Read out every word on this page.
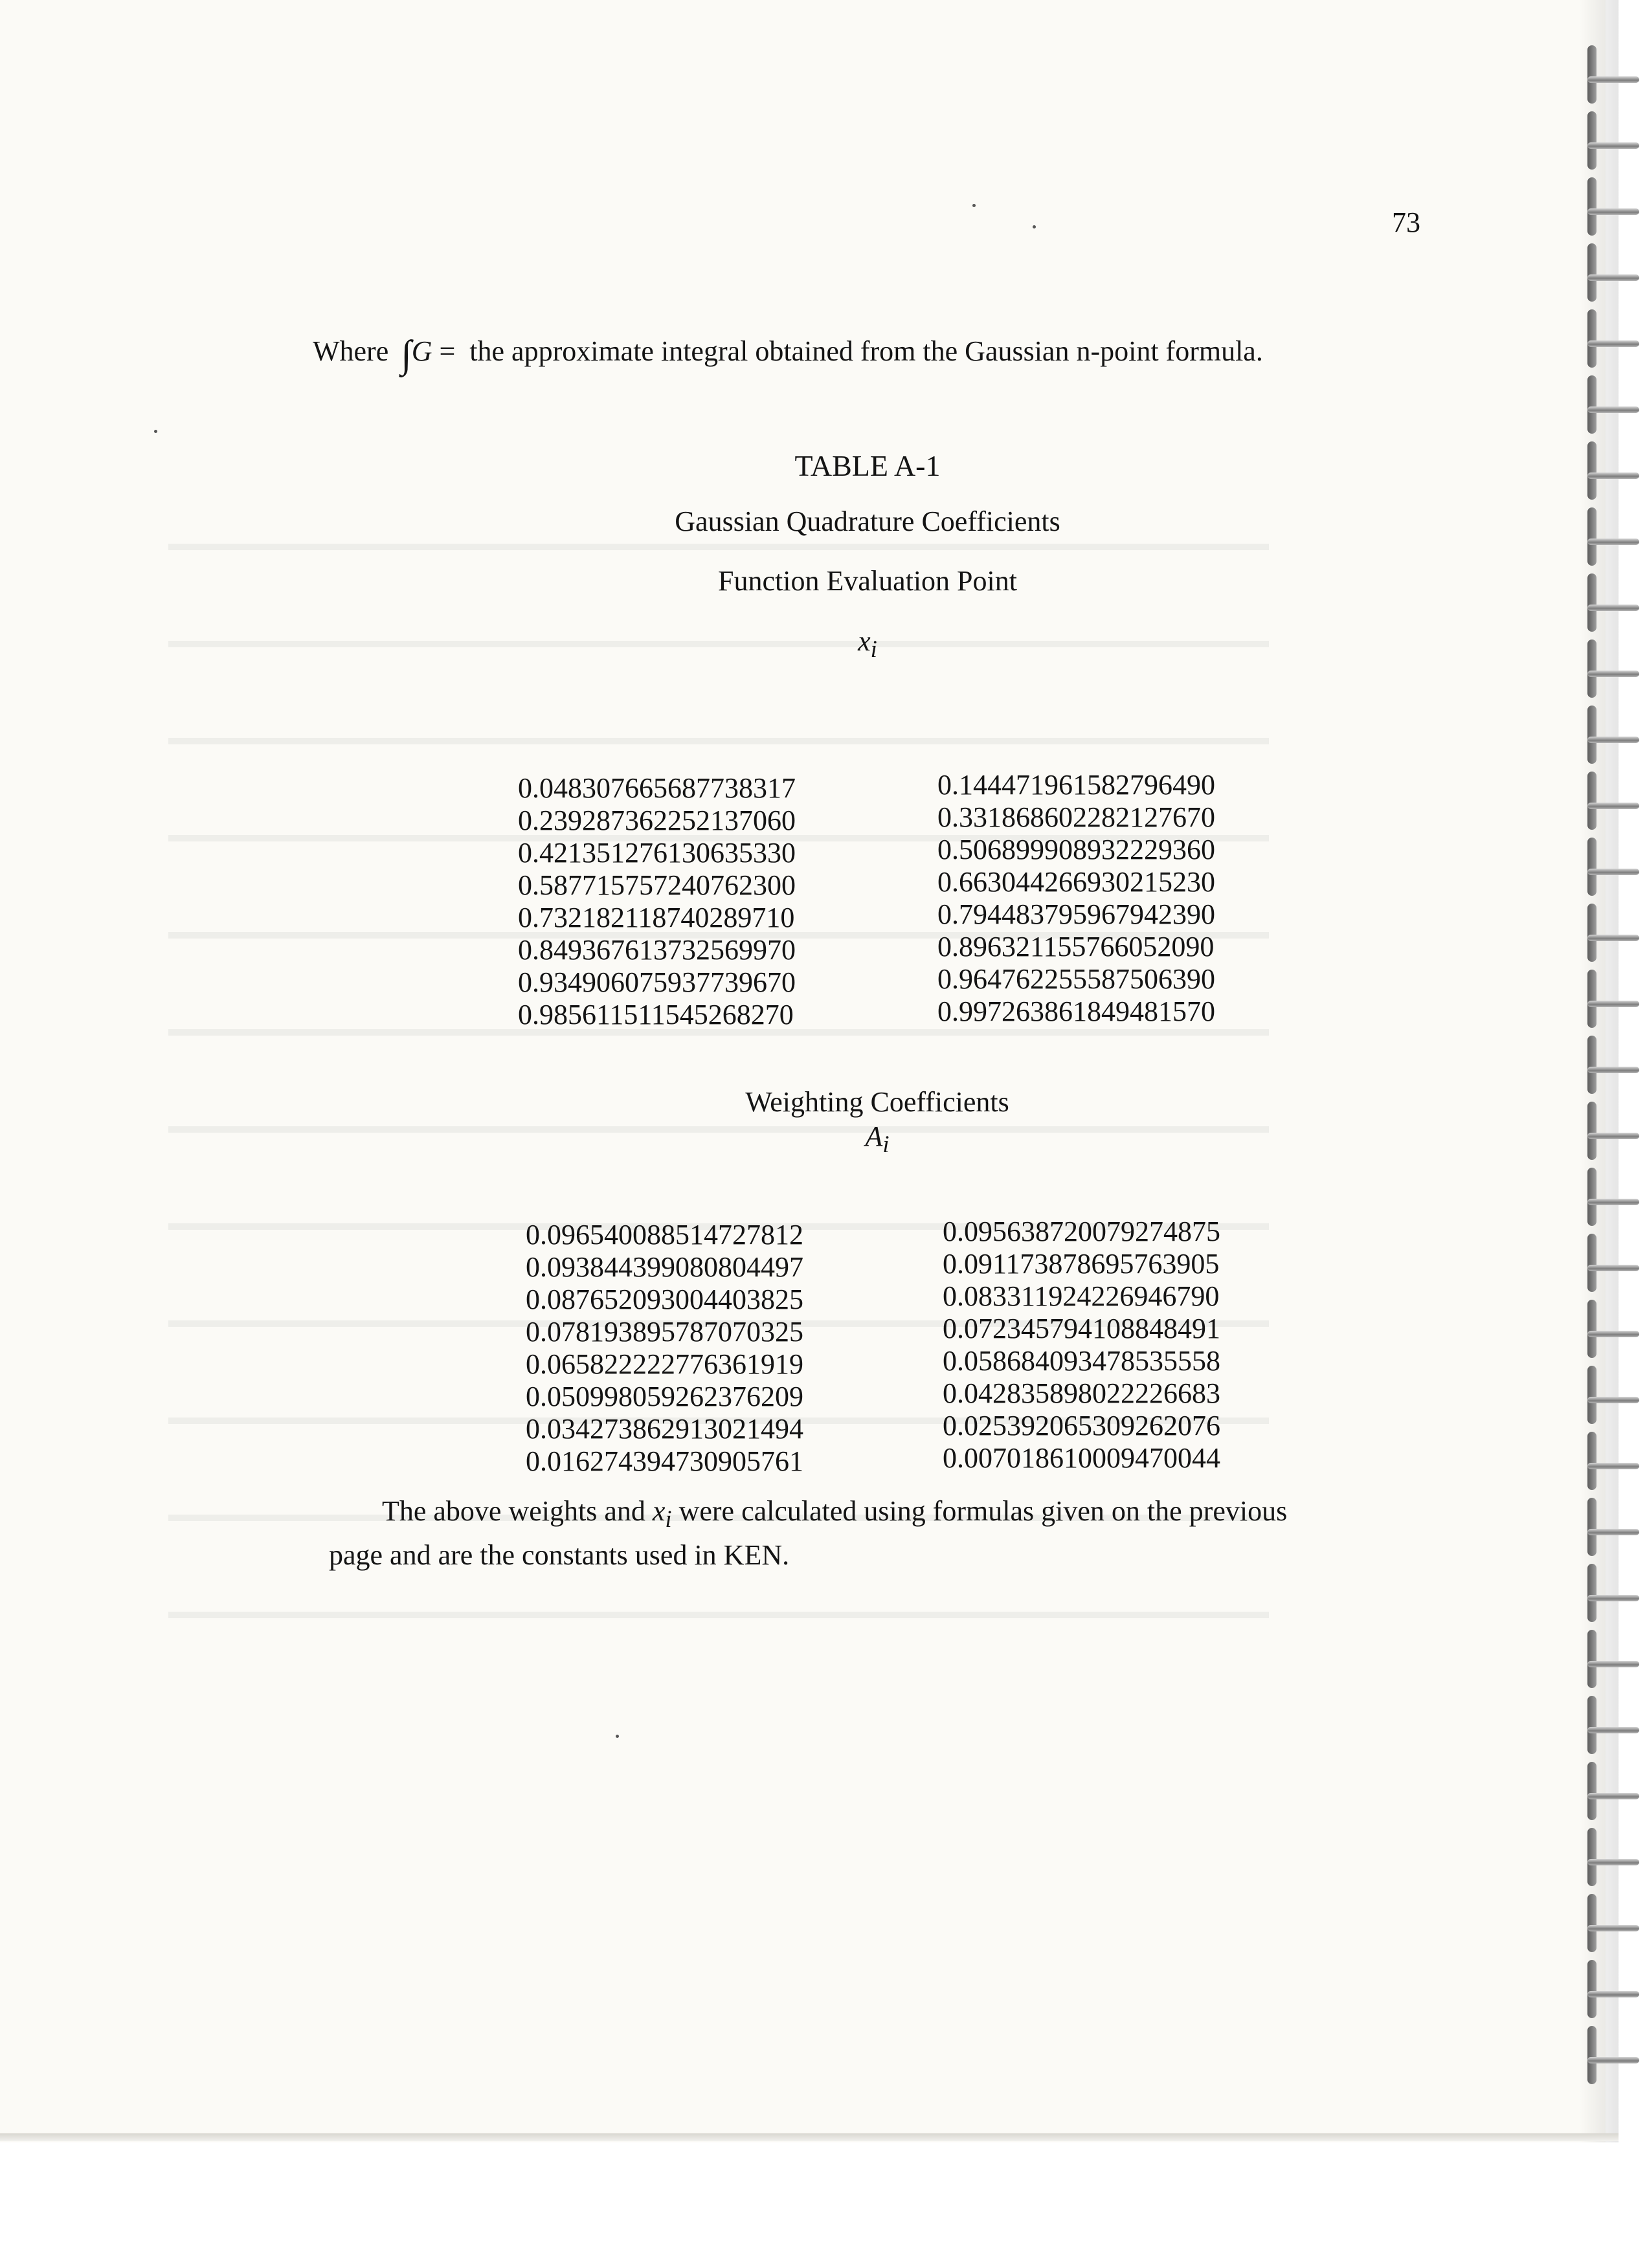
73

Where ∫G = the approximate integral obtained from the Gaussian n-point formula.

TABLE A-1

Gaussian Quadrature Coefficients

Function Evaluation Point

$x_i$

0.048307665687738317
0.239287362252137060
0.421351276130635330
0.587715757240762300
0.732182118740289710
0.849367613732569970
0.934906075937739670
0.985611511545268270
0.144471961582796490
0.331868602282127670
0.506899908932229360
0.663044266930215230
0.794483795967942390
0.896321155766052090
0.964762255587506390
0.997263861849481570

Weighting Coefficients

$A_i$

0.096540088514727812
0.093844399080804497
0.087652093004403825
0.078193895787070325
0.065822222776361919
0.050998059262376209
0.034273862913021494
0.016274394730905761
0.095638720079274875
0.091173878695763905
0.083311924226946790
0.072345794108848491
0.058684093478535558
0.042835898022226683
0.025392065309262076
0.007018610009470044

The above weights and $x_i$ were calculated using formulas given on the previous
page and are the constants used in KEN.
